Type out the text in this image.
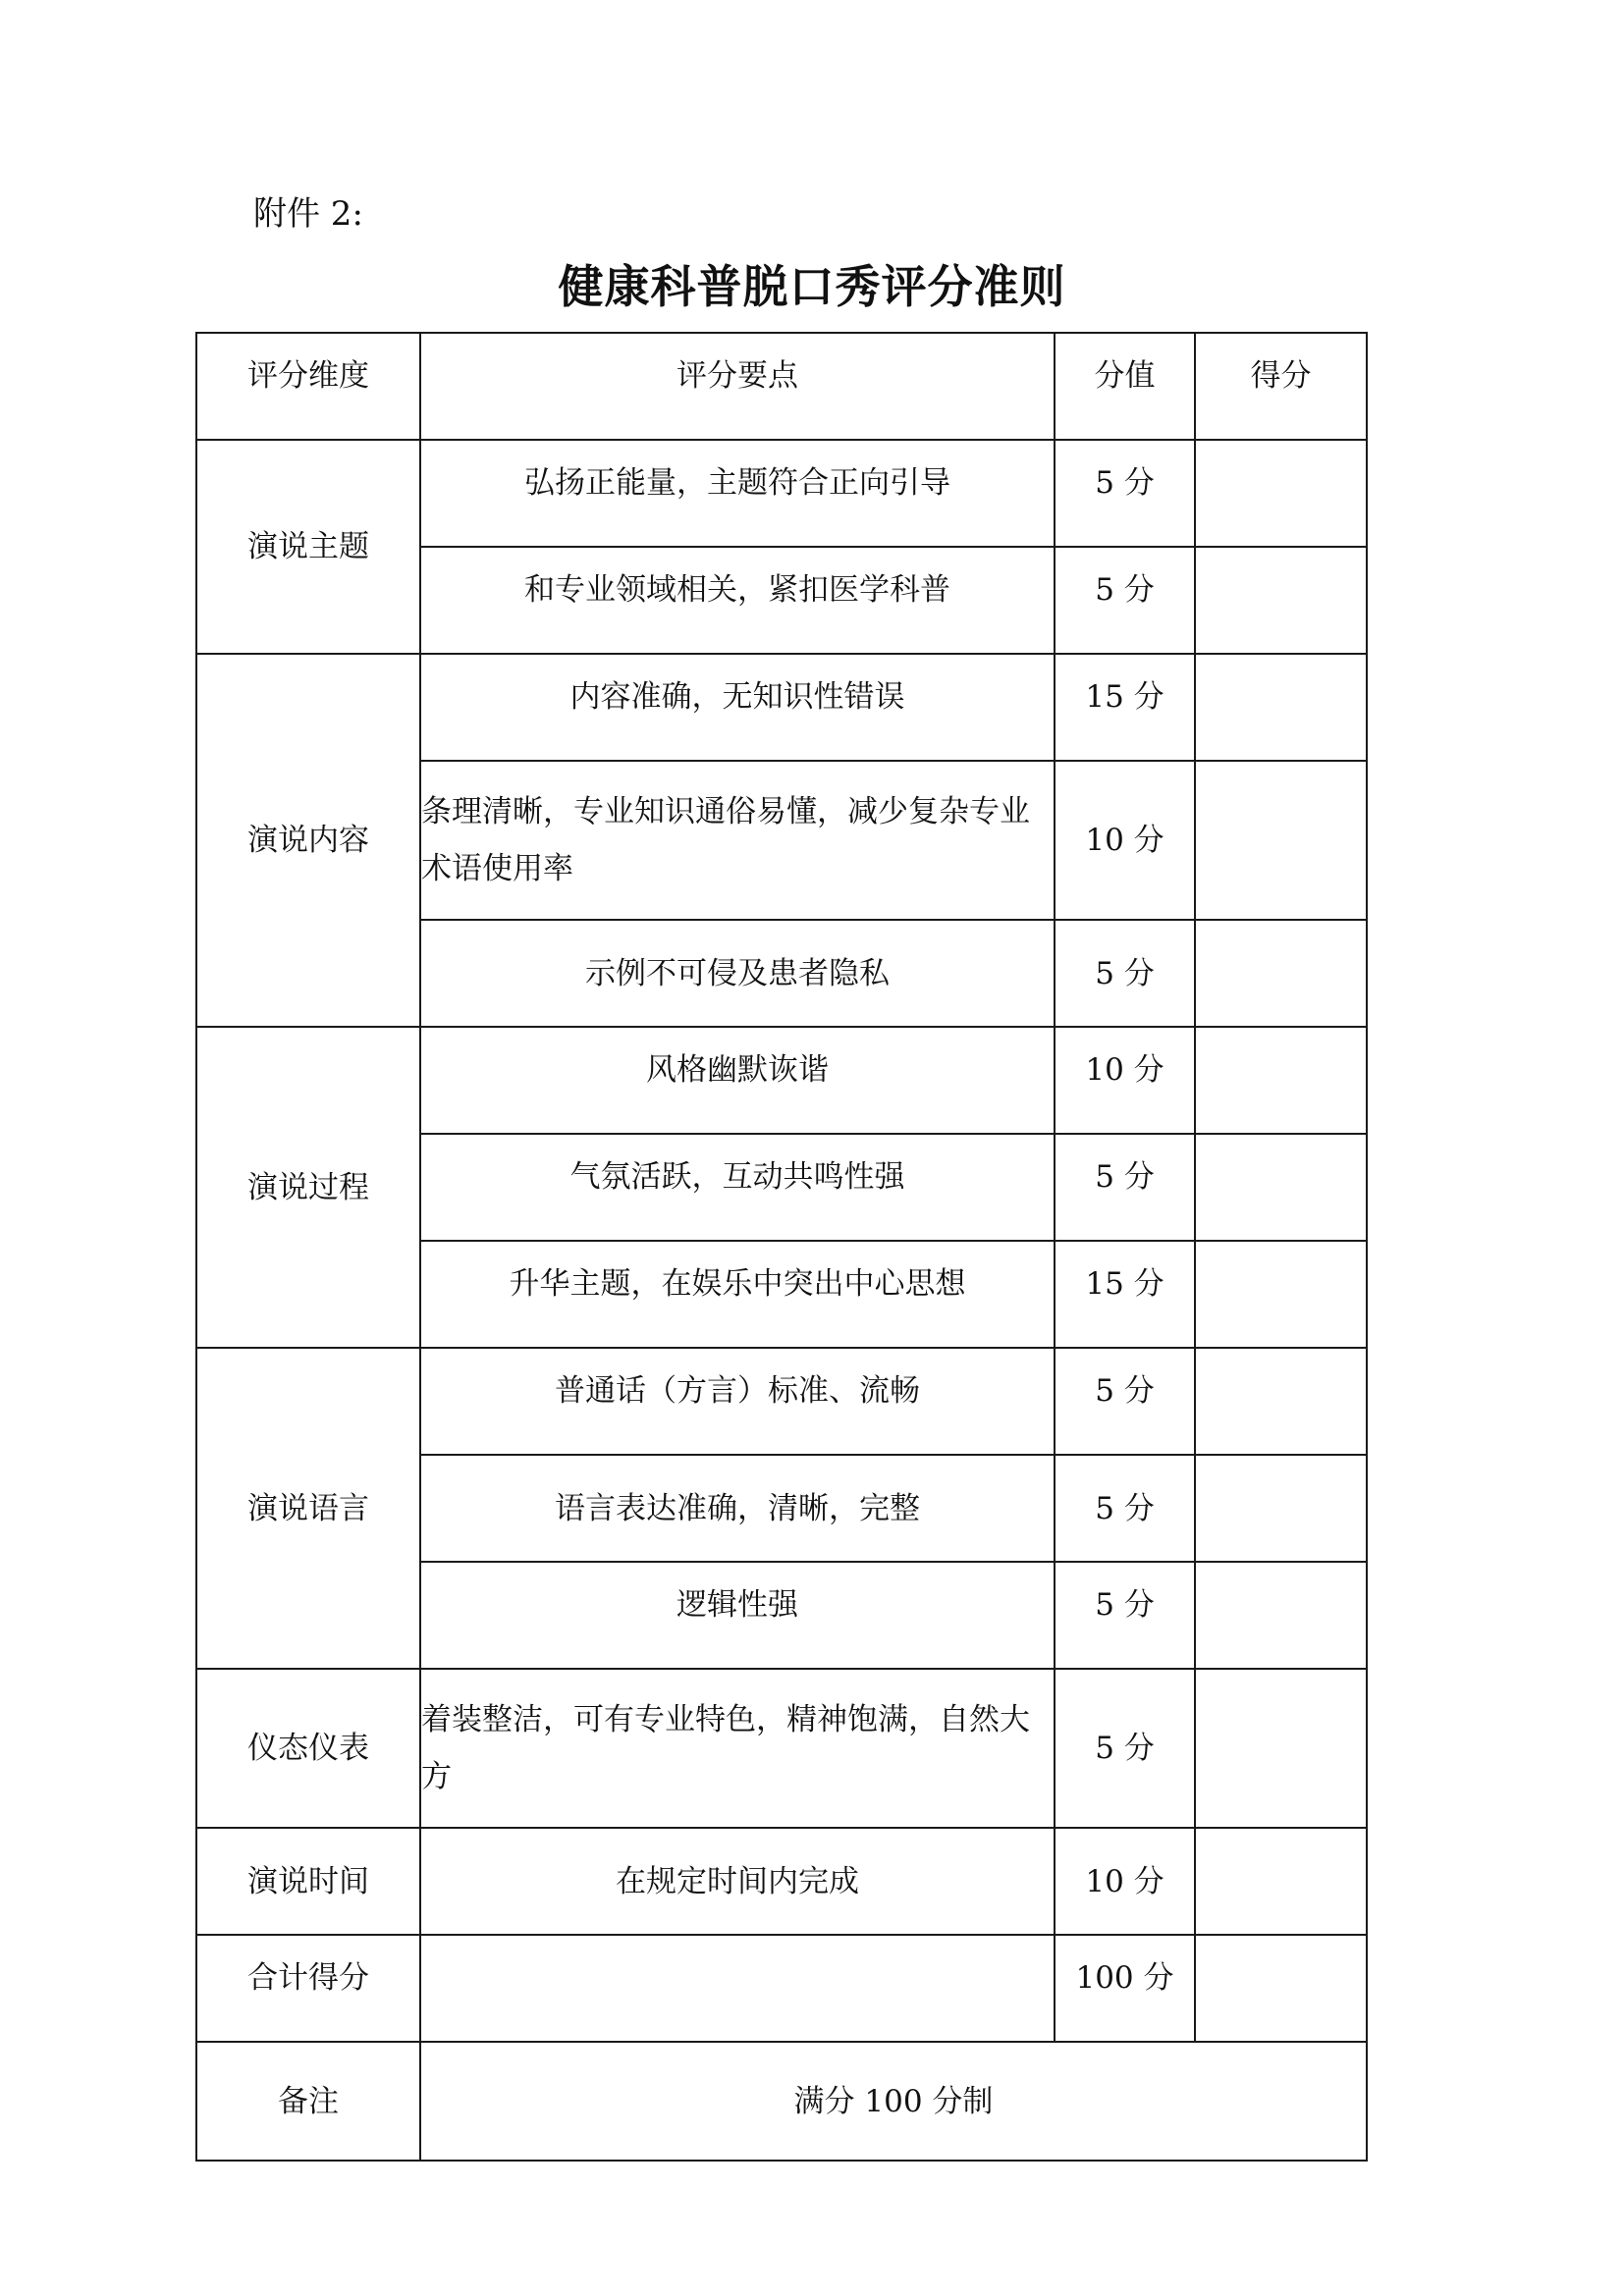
附件 2:
健康科普脱口秀评分准则
评分维度	评分要点	分值	得分
演说主题	弘扬正能量，主题符合正向引导	5 分	
	和专业领域相关，紧扣医学科普	5 分	
演说内容	内容准确，无知识性错误	15 分	
	条理清晰，专业知识通俗易懂，减少复杂专业术语使用率	10 分	
	示例不可侵及患者隐私	5 分	
演说过程	风格幽默诙谐	10 分	
	气氛活跃，互动共鸣性强	5 分	
	升华主题，在娱乐中突出中心思想	15 分	
演说语言	普通话（方言）标准、流畅	5 分	
	语言表达准确，清晰，完整	5 分	
	逻辑性强	5 分	
仪态仪表	着装整洁，可有专业特色，精神饱满，自然大方	5 分	
演说时间	在规定时间内完成	10 分	
合计得分		100 分	
备注	满分 100 分制		
